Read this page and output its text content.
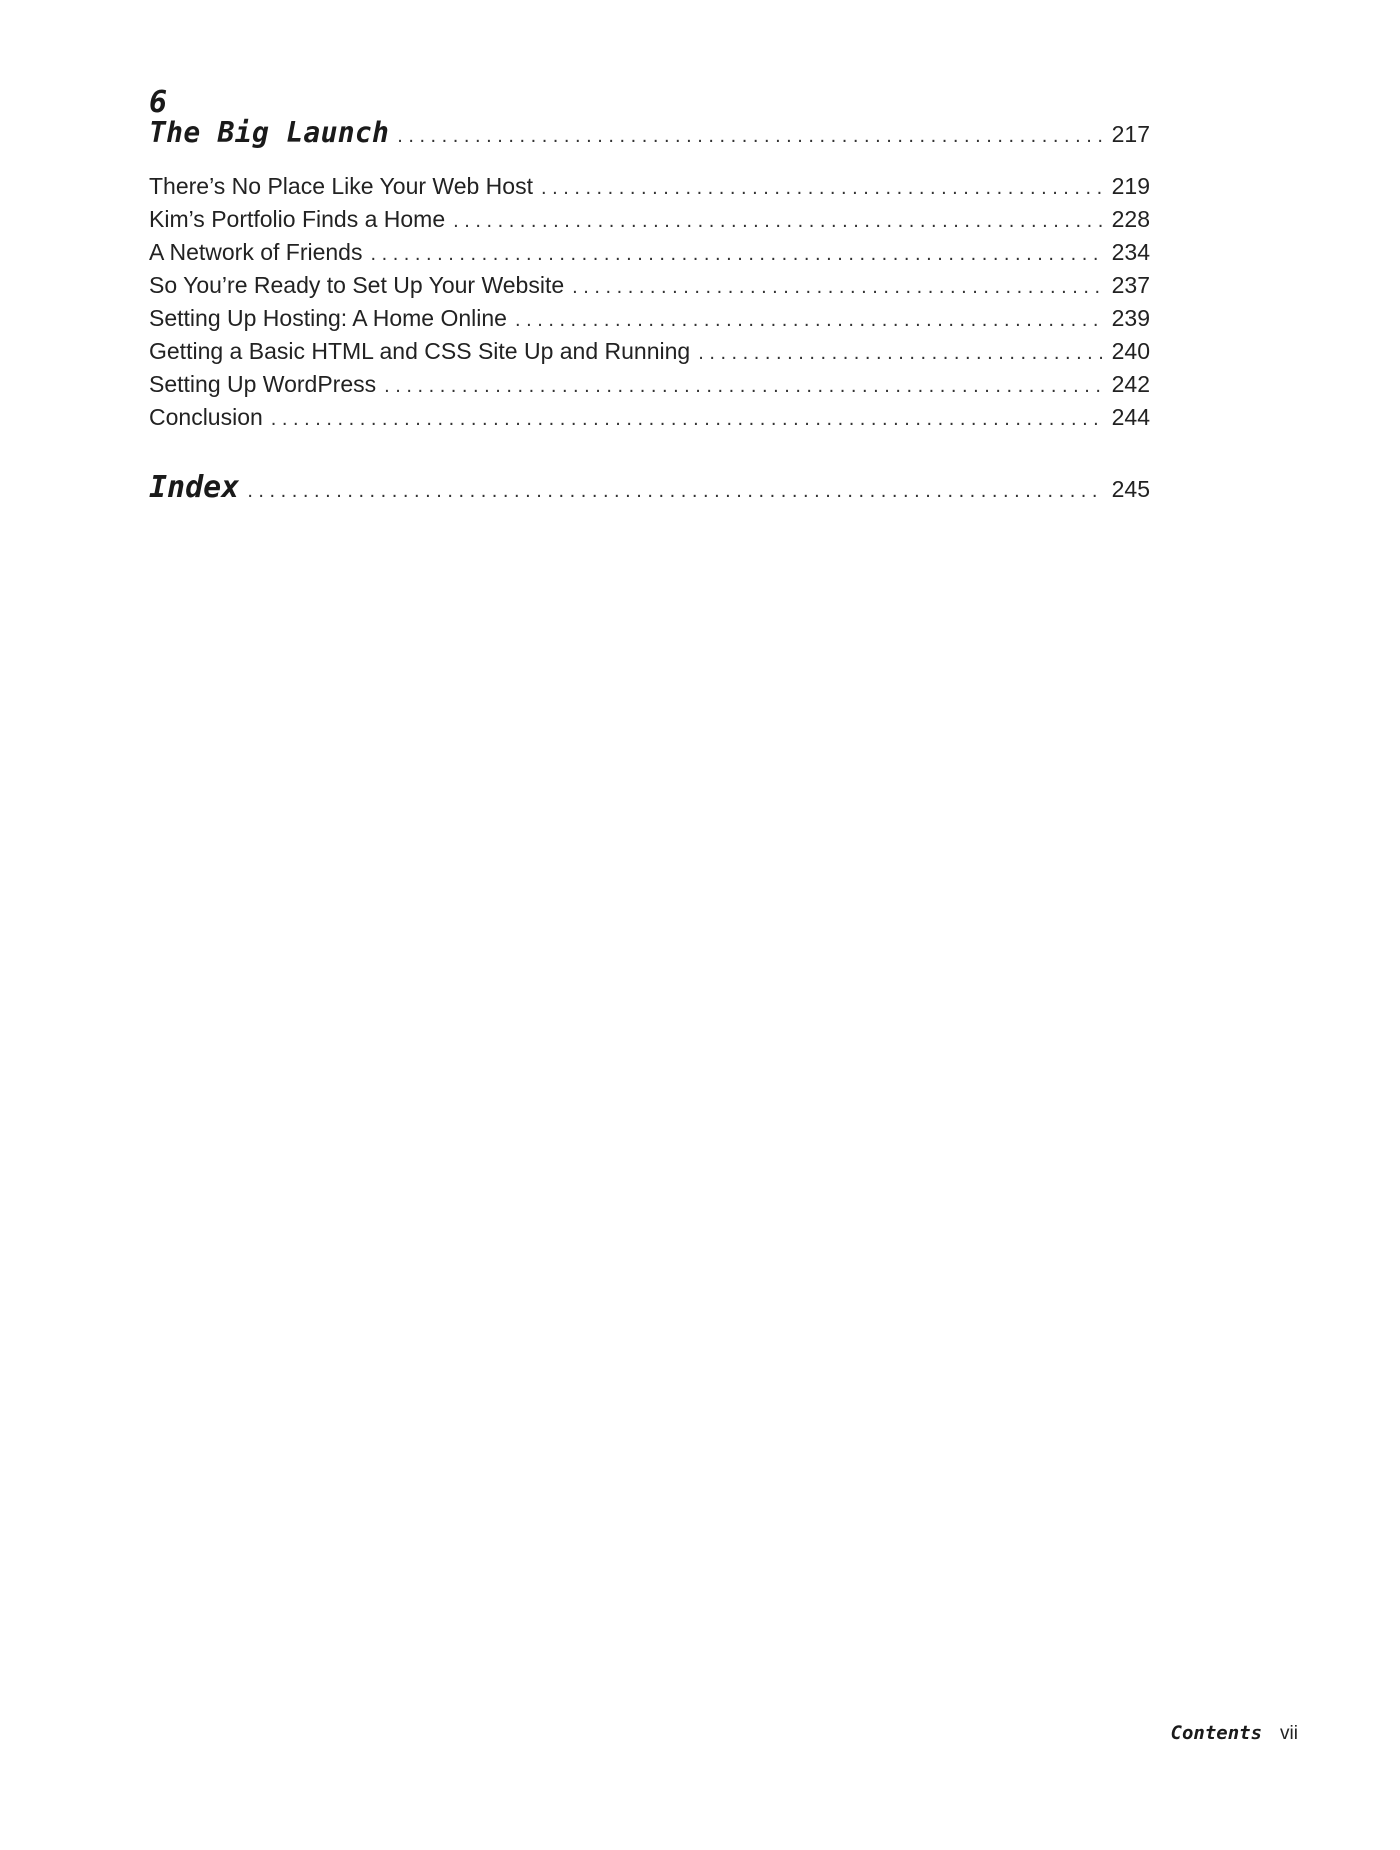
6
The Big Launch . . .	217
There’s No Place Like Your Web Host . . .	219
Kim’s Portfolio Finds a Home . . .	228
A Network of Friends . . .	234
So You’re Ready to Set Up Your Website . . .	237
Setting Up Hosting: A Home Online . . .	239
Getting a Basic HTML and CSS Site Up and Running . . .	240
Setting Up WordPress . . .	242
Conclusion . . .	244
Index . . .	245
Contents vii
